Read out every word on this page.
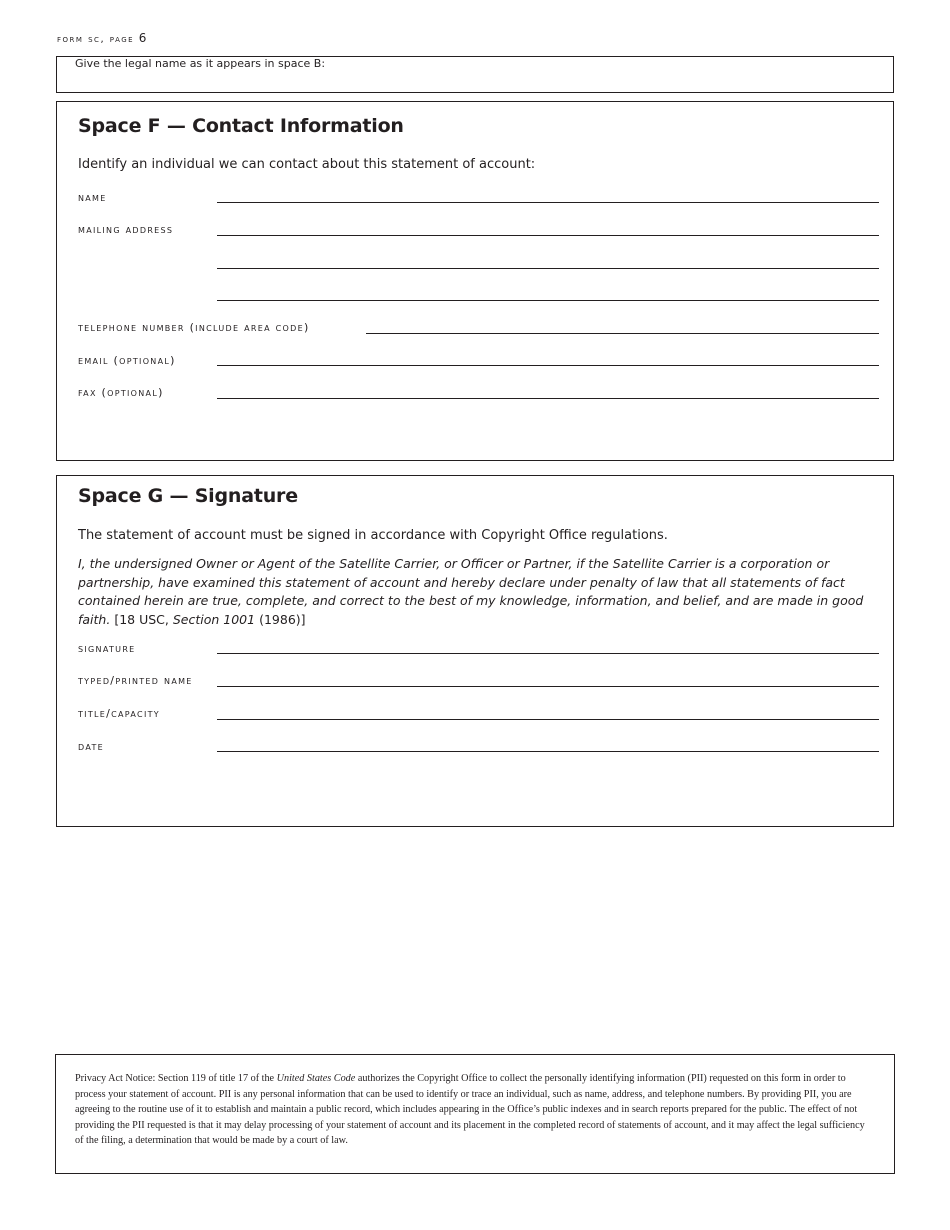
form sc, page 6
Give the legal name as it appears in space B:
Space F — Contact Information
Identify an individual we can contact about this statement of account:
name
mailing address
telephone number (include area code)
email (optional)
fax (optional)
Space G — Signature
The statement of account must be signed in accordance with Copyright Office regulations.
I, the undersigned Owner or Agent of the Satellite Carrier, or Officer or Partner, if the Satellite Carrier is a corporation or partnership, have examined this statement of account and hereby declare under penalty of law that all statements of fact contained herein are true, complete, and correct to the best of my knowledge, information, and belief, and are made in good faith. [18 USC, Section 1001 (1986)]
signature
typed/printed name
title/capacity
date
Privacy Act Notice: Section 119 of title 17 of the United States Code authorizes the Copyright Office to collect the personally identifying information (PII) requested on this form in order to process your statement of account. PII is any personal information that can be used to identify or trace an individual, such as name, address, and telephone numbers. By providing PII, you are agreeing to the routine use of it to establish and maintain a public record, which includes appearing in the Office’s public indexes and in search reports prepared for the public. The effect of not providing the PII requested is that it may delay processing of your statement of account and its placement in the completed record of statements of account, and it may affect the legal sufficiency of the filing, a determination that would be made by a court of law.
